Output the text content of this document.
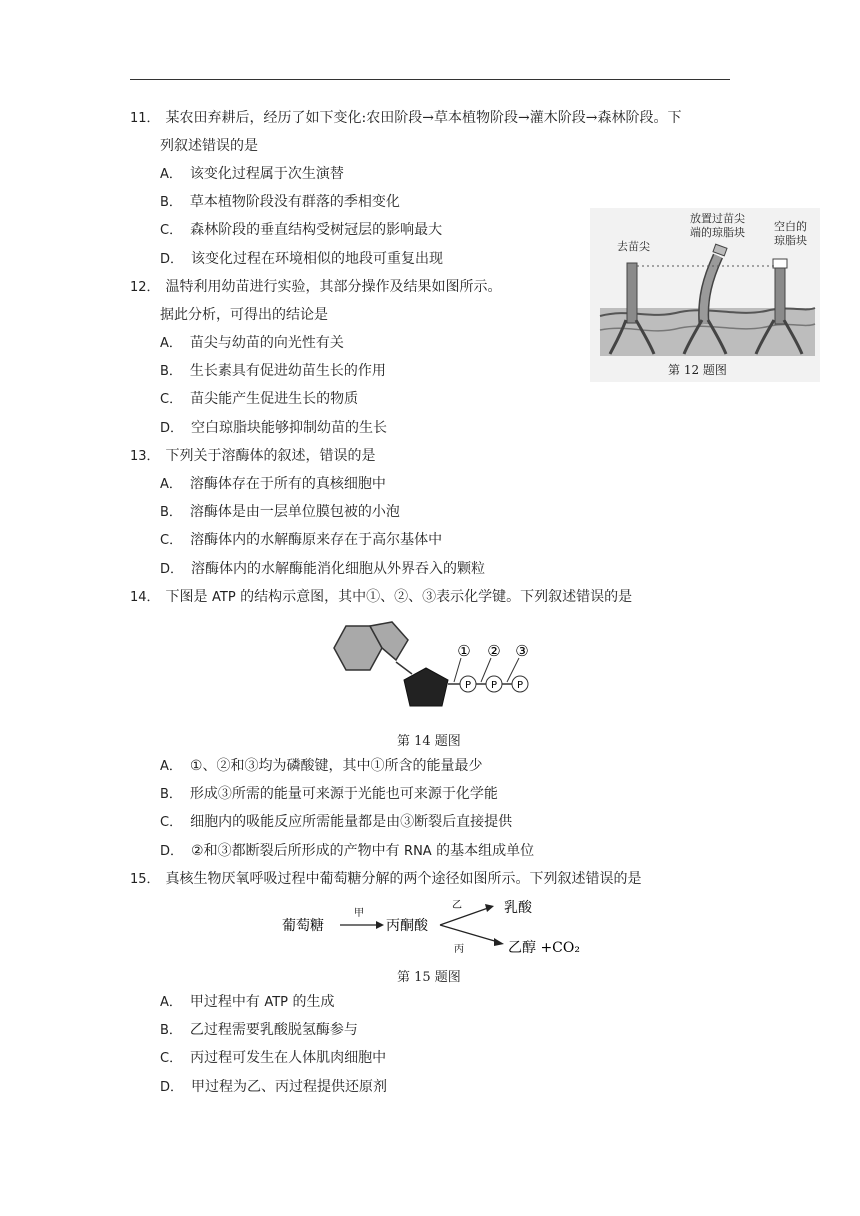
11． 某农田弃耕后，经历了如下变化:农田阶段→草本植物阶段→灌木阶段→森林阶段。下
列叙述错误的是
A． 该变化过程属于次生演替
B． 草本植物阶段没有群落的季相变化
C． 森林阶段的垂直结构受树冠层的影响最大
D． 该变化过程在环境相似的地段可重复出现
12． 温特利用幼苗进行实验，其部分操作及结果如图所示。
据此分析，可得出的结论是
A． 苗尖与幼苗的向光性有关
B． 生长素具有促进幼苗生长的作用
C． 苗尖能产生促进生长的物质
D． 空白琼脂块能够抑制幼苗的生长
去苗尖
放置过苗尖
端的琼脂块	空白的
琼脂块
第 12 题图
13． 下列关于溶酶体的叙述，错误的是
A． 溶酶体存在于所有的真核细胞中
B． 溶酶体是由一层单位膜包被的小泡
C． 溶酶体内的水解酶原来存在于高尔基体中
D． 溶酶体内的水解酶能消化细胞从外界吞入的颗粒
14． 下图是 ATP 的结构示意图，其中①、②、③表示化学键。下列叙述错误的是
P P P
① ② ③
第 14 题图
A． ①、②和③均为磷酸键，其中①所含的能量最少
B． 形成③所需的能量可来源于光能也可来源于化学能
C． 细胞内的吸能反应所需能量都是由③断裂后直接提供
D． ②和③都断裂后所形成的产物中有 RNA 的基本组成单位
15． 真核生物厌氧呼吸过程中葡萄糖分解的两个途径如图所示。下列叙述错误的是
葡萄糖
甲
丙酮酸
乙
丙
乳酸
乙醇 +CO₂
第 15 题图
A． 甲过程中有 ATP 的生成
B． 乙过程需要乳酸脱氢酶参与
C． 丙过程可发生在人体肌肉细胞中
D． 甲过程为乙、丙过程提供还原剂
